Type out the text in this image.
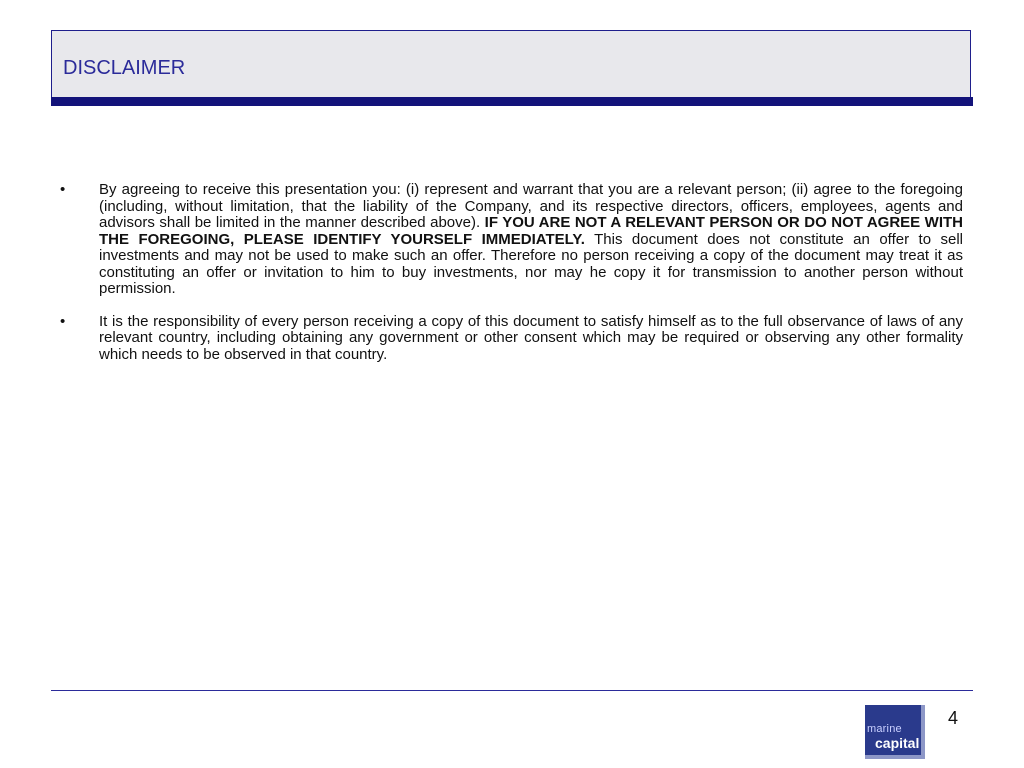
DISCLAIMER
•	By agreeing to receive this presentation you: (i) represent and warrant that you are a relevant person; (ii) agree to the foregoing (including, without limitation, that the liability of the Company, and its respective directors, officers, employees, agents and advisors shall be limited in the manner described above). IF YOU ARE NOT A RELEVANT PERSON OR DO NOT AGREE WITH THE FOREGOING, PLEASE IDENTIFY YOURSELF IMMEDIATELY. This document does not constitute an offer to sell investments and may not be used to make such an offer. Therefore no person receiving a copy of the document may treat it as constituting an offer or invitation to him to buy investments, nor may he copy it for transmission to another person without permission.
•	It is the responsibility of every person receiving a copy of this document to satisfy himself as to the full observance of laws of any relevant country, including obtaining any government or other consent which may be required or observing any other formality which needs to be observed in that country.
marine
capital
4
